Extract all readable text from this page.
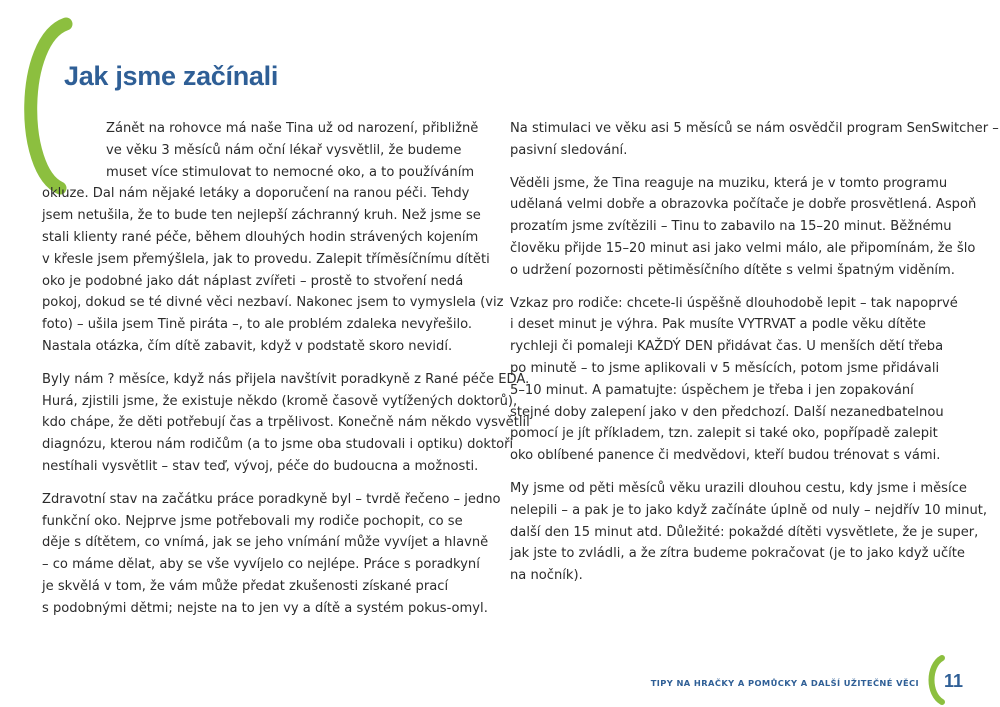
Jak jsme začínali

Zánět na rohovce má naše Tina už od narození, přibližně
ve věku 3 měsíců nám oční lékař vysvětlil, že budeme
muset více stimulovat to nemocné oko, a to používáním
okluze. Dal nám nějaké letáky a doporučení na ranou péči. Tehdy
jsem netušila, že to bude ten nejlepší záchranný kruh. Než jsme se
stali klienty rané péče, během dlouhých hodin strávených kojením
v křesle jsem přemýšlela, jak to provedu. Zalepit tříměsíčnímu dítěti
oko je podobné jako dát náplast zvířeti – prostě to stvoření nedá
pokoj, dokud se té divné věci nezbaví. Nakonec jsem to vymyslela (viz
foto) – ušila jsem Tině piráta –, to ale problém zdaleka nevyřešilo.
Nastala otázka, čím dítě zabavit, když v podstatě skoro nevidí.

Byly nám ? měsíce, když nás přijela navštívit poradkyně z Rané péče EDA.
Hurá, zjistili jsme, že existuje někdo (kromě časově vytížených doktorů),
kdo chápe, že děti potřebují čas a trpělivost. Konečně nám někdo vysvětlil
diagnózu, kterou nám rodičům (a to jsme oba studovali i optiku) doktoři
nestíhali vysvětlit – stav teď, vývoj, péče do budoucna a možnosti.

Zdravotní stav na začátku práce poradkyně byl – tvrdě řečeno – jedno
funkční oko. Nejprve jsme potřebovali my rodiče pochopit, co se
děje s dítětem, co vnímá, jak se jeho vnímání může vyvíjet a hlavně
– co máme dělat, aby se vše vyvíjelo co nejlépe. Práce s poradkyní
je skvělá v tom, že vám může předat zkušenosti získané prací
s podobnými dětmi; nejste na to jen vy a dítě a systém pokus-omyl.

Na stimulaci ve věku asi 5 měsíců se nám osvědčil program SenSwitcher –
pasivní sledování.

Věděli jsme, že Tina reaguje na muziku, která je v tomto programu
udělaná velmi dobře a obrazovka počítače je dobře prosvětlená. Aspoň
prozatím jsme zvítězili – Tinu to zabavilo na 15–20 minut. Běžnému
člověku přijde 15–20 minut asi jako velmi málo, ale připomínám, že šlo
o udržení pozornosti pětiměsíčního dítěte s velmi špatným viděním.

Vzkaz pro rodiče: chcete-li úspěšně dlouhodobě lepit – tak napoprvé
i deset minut je výhra. Pak musíte VYTRVAT a podle věku dítěte
rychleji či pomaleji KAŽDÝ DEN přidávat čas. U menších dětí třeba
po minutě – to jsme aplikovali v 5 měsících, potom jsme přidávali
5–10 minut. A pamatujte: úspěchem je třeba i jen zopakování
stejné doby zalepení jako v den předchozí. Další nezanedbatelnou
pomocí je jít příkladem, tzn. zalepit si také oko, popřípadě zalepit
oko oblíbené panence či medvědovi, kteří budou trénovat s vámi.

My jsme od pěti měsíců věku urazili dlouhou cestu, kdy jsme i měsíce
nelepili – a pak je to jako když začínáte úplně od nuly – nejdřív 10 minut,
další den 15 minut atd. Důležité: pokaždé dítěti vysvětlete, že je super,
jak jste to zvládli, a že zítra budeme pokračovat (je to jako když učíte
na nočník).

TIPY NA HRAČKY A POMŮCKY A DALŠÍ UŽITEČNÉ VĚCI 11
